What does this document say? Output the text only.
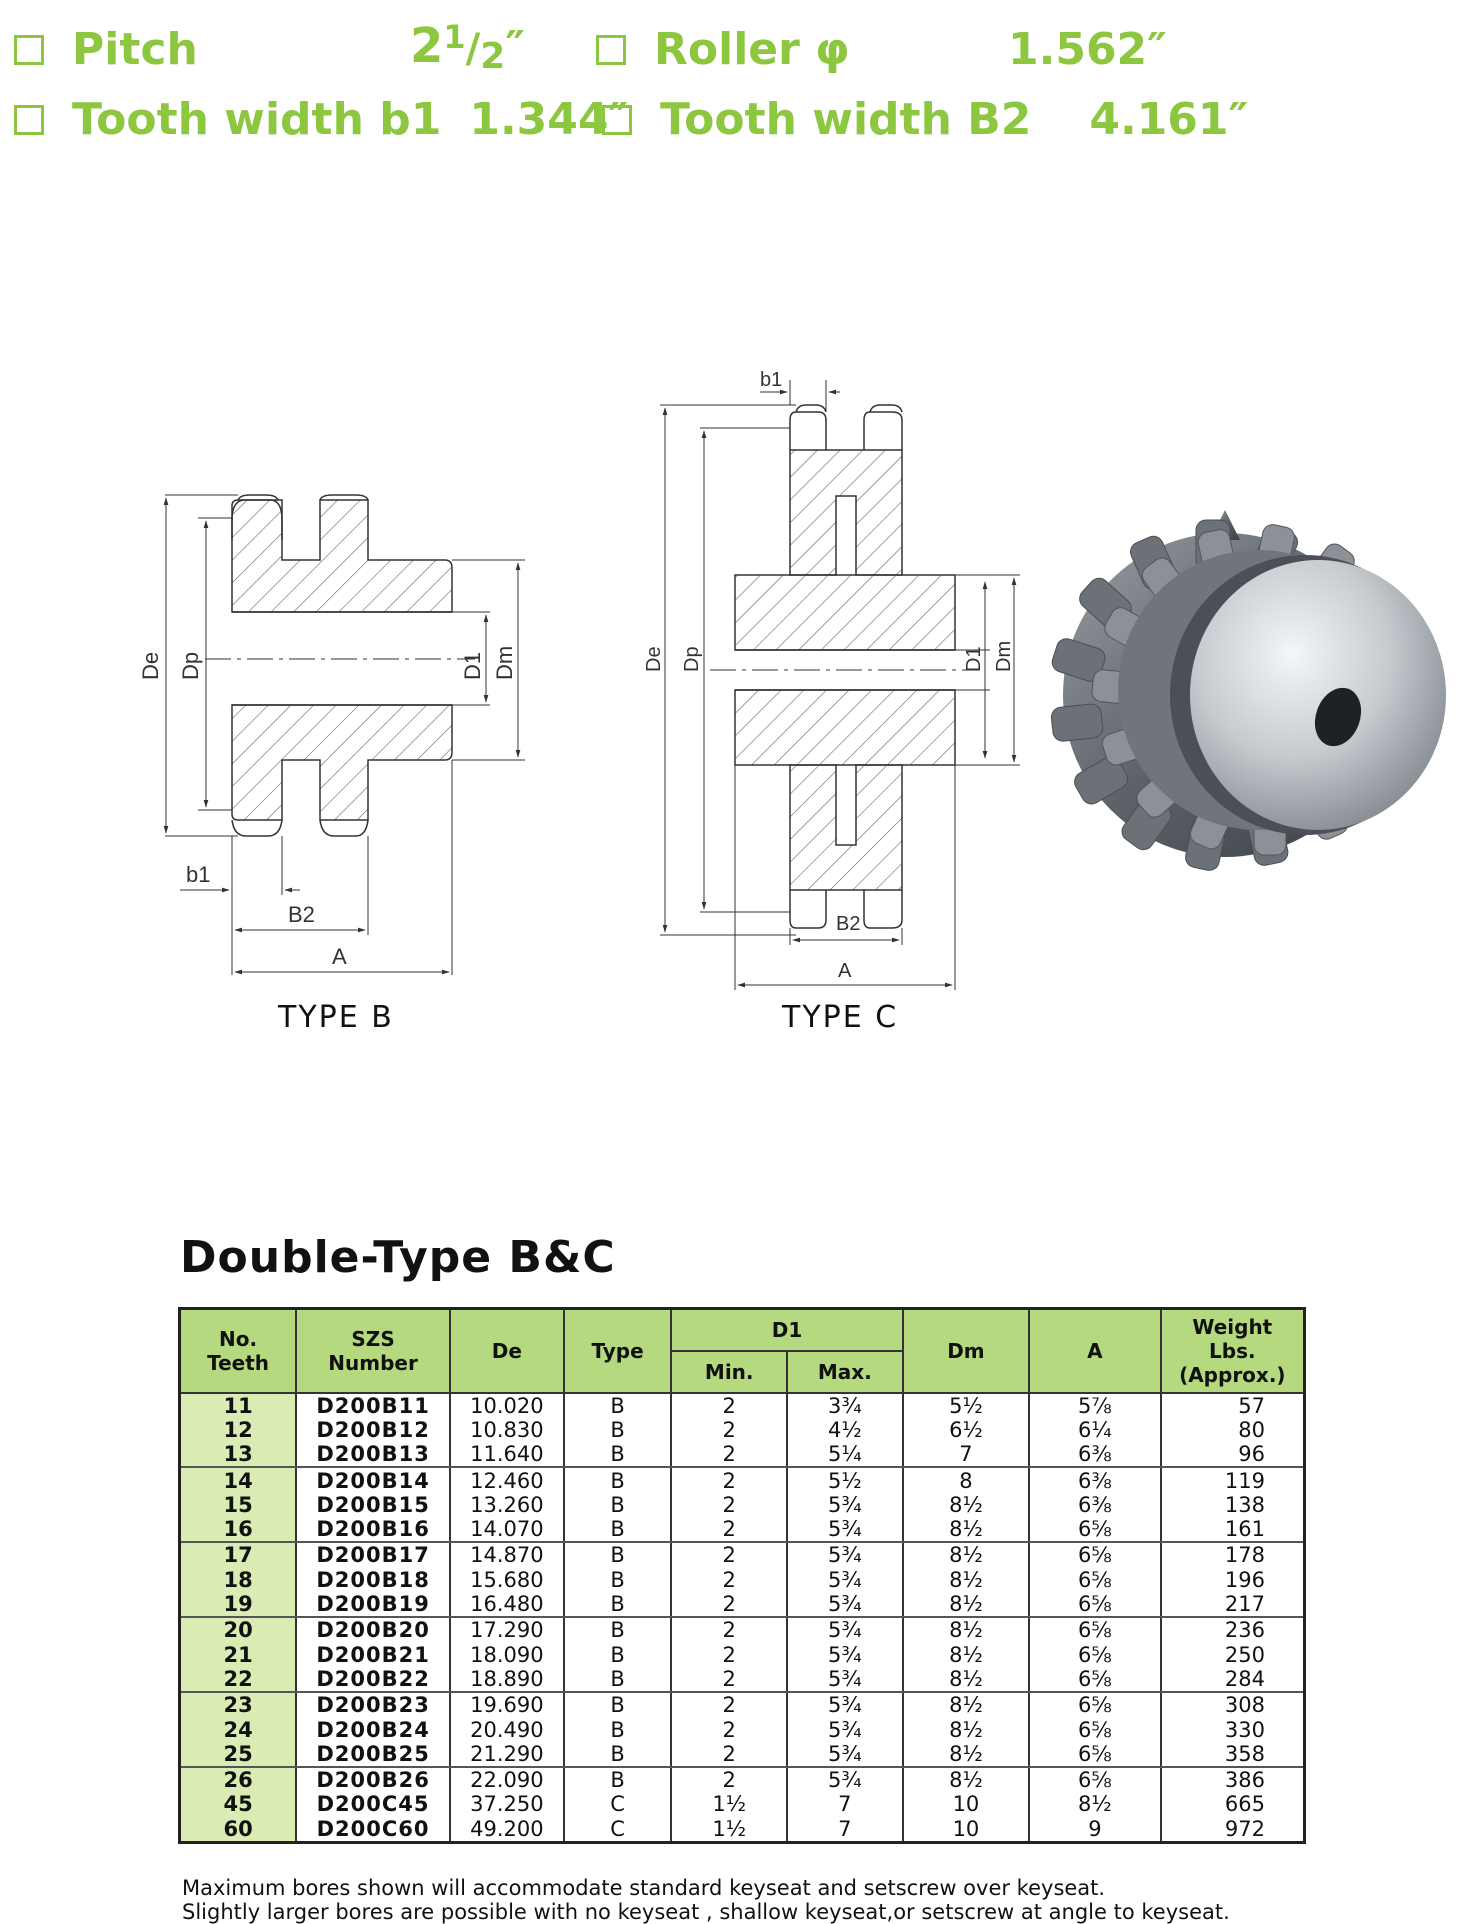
Pitch	$2^1/2''$	Roller φ	1.562″
Tooth width b1 1.344″ Tooth width B2 4.161″
De Dp	D1 Dm
b1
B2
A
De Dp	D1 Dm
b1
B2
A
TYPE B	TYPE C
Double-Type B&C
No.
Teeth	SZS
Number	De	Type	D1		Dm	A	Weight
Lbs.
(Approx.)
				Min.	Max.			
11	D200B11	10.020	B	2	3¾	5½	5⅞	57
12	D200B12	10.830	B	2	4½	6½	6¼	80
13	D200B13	11.640	B	2	5¼	7	6⅜	96
14	D200B14	12.460	B	2	5½	8	6⅜	119
15	D200B15	13.260	B	2	5¾	8½	6⅜	138
16	D200B16	14.070	B	2	5¾	8½	6⅝	161
17	D200B17	14.870	B	2	5¾	8½	6⅝	178
18	D200B18	15.680	B	2	5¾	8½	6⅝	196
19	D200B19	16.480	B	2	5¾	8½	6⅝	217
20	D200B20	17.290	B	2	5¾	8½	6⅝	236
21	D200B21	18.090	B	2	5¾	8½	6⅝	250
22	D200B22	18.890	B	2	5¾	8½	6⅝	284
23	D200B23	19.690	B	2	5¾	8½	6⅝	308
24	D200B24	20.490	B	2	5¾	8½	6⅝	330
25	D200B25	21.290	B	2	5¾	8½	6⅝	358
26	D200B26	22.090	B	2	5¾	8½	6⅝	386
45	D200C45	37.250	C	1½	7	10	8½	665
60	D200C60	49.200	C	1½	7	10	9	972
Maximum bores shown will accommodate standard keyseat and setscrew over keyseat.
Slightly larger bores are possible with no keyseat , shallow keyseat,or setscrew at angle to keyseat.
